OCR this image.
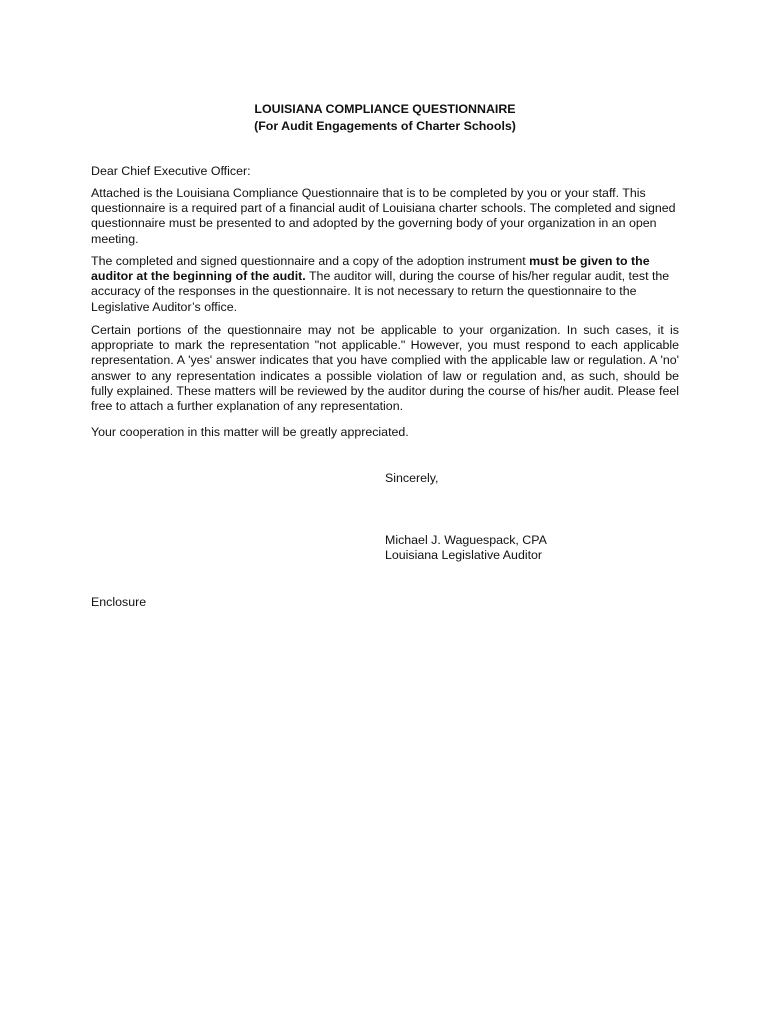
LOUISIANA COMPLIANCE QUESTIONNAIRE
(For Audit Engagements of Charter Schools)
Dear Chief Executive Officer:
Attached is the Louisiana Compliance Questionnaire that is to be completed by you or your staff. This questionnaire is a required part of a financial audit of Louisiana charter schools. The completed and signed questionnaire must be presented to and adopted by the governing body of your organization in an open meeting.
The completed and signed questionnaire and a copy of the adoption instrument must be given to the auditor at the beginning of the audit. The auditor will, during the course of his/her regular audit, test the accuracy of the responses in the questionnaire. It is not necessary to return the questionnaire to the Legislative Auditor’s office.
Certain portions of the questionnaire may not be applicable to your organization. In such cases, it is appropriate to mark the representation "not applicable." However, you must respond to each applicable representation. A 'yes' answer indicates that you have complied with the applicable law or regulation. A 'no' answer to any representation indicates a possible violation of law or regulation and, as such, should be fully explained. These matters will be reviewed by the auditor during the course of his/her audit. Please feel free to attach a further explanation of any representation.
Your cooperation in this matter will be greatly appreciated.
Sincerely,
Michael J. Waguespack, CPA
Louisiana Legislative Auditor
Enclosure
